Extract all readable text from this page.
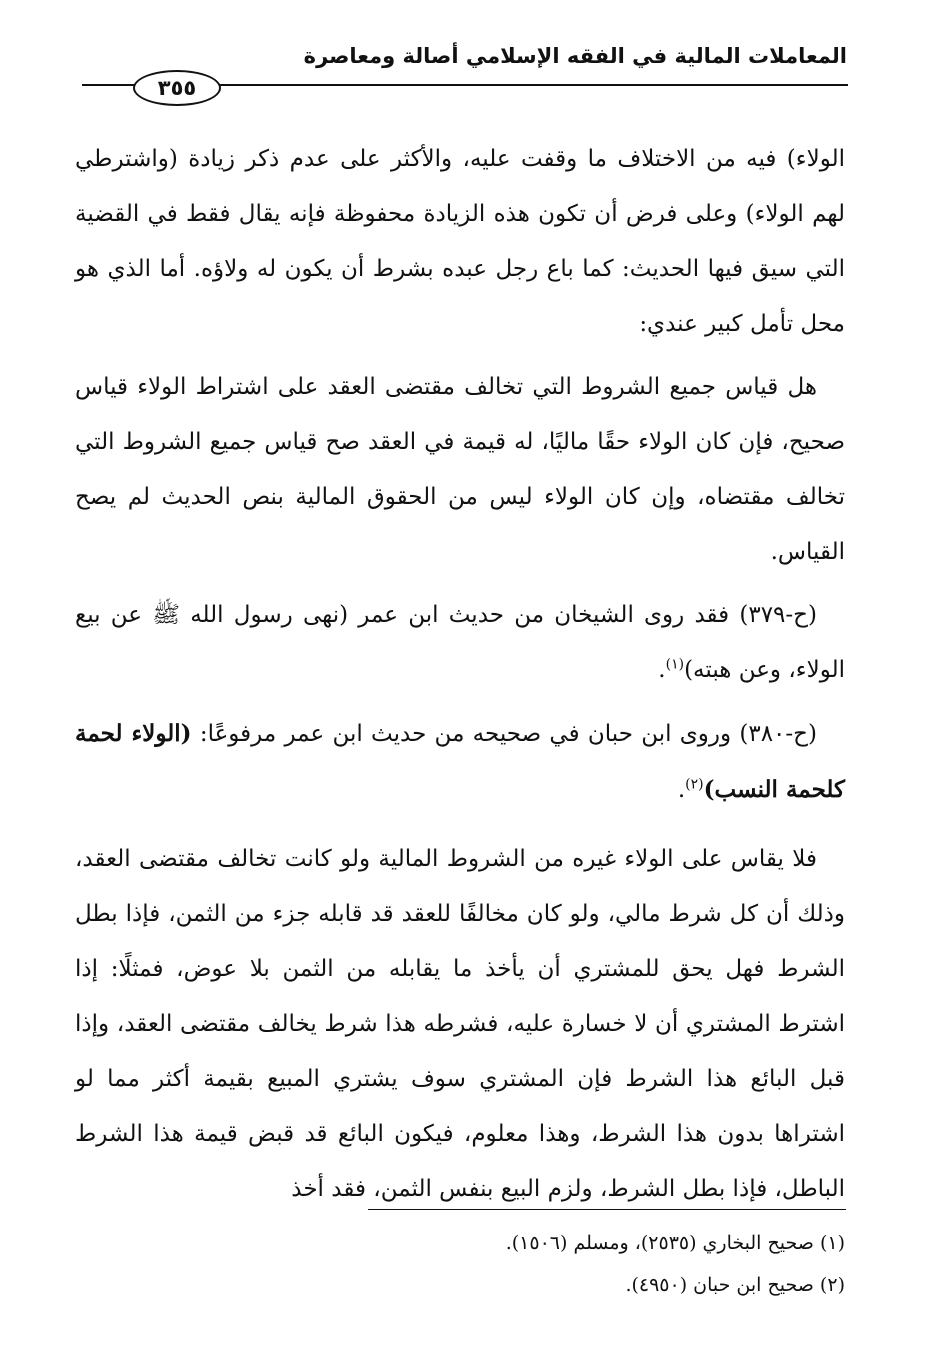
المعاملات المالية في الفقه الإسلامي أصالة ومعاصرة
٣٥٥

الولاء) فيه من الاختلاف ما وقفت عليه، والأكثر على عدم ذكر زيادة (واشترطي لهم الولاء) وعلى فرض أن تكون هذه الزيادة محفوظة فإنه يقال فقط في القضية التي سيق فيها الحديث: كما باع رجل عبده بشرط أن يكون له ولاؤه. أما الذي هو محل تأمل كبير عندي:

هل قياس جميع الشروط التي تخالف مقتضى العقد على اشتراط الولاء قياس صحيح، فإن كان الولاء حقًا ماليًا، له قيمة في العقد صح قياس جميع الشروط التي تخالف مقتضاه، وإن كان الولاء ليس من الحقوق المالية بنص الحديث لم يصح القياس.

(ح-٣٧٩) فقد روى الشيخان من حديث ابن عمر (نهى رسول الله ﷺ عن بيع الولاء، وعن هبته)$^{(١)}$.

(ح-٣٨٠) وروى ابن حبان في صحيحه من حديث ابن عمر مرفوعًا: (الولاء لحمة كلحمة النسب)$^{(٢)}$.

فلا يقاس على الولاء غيره من الشروط المالية ولو كانت تخالف مقتضى العقد، وذلك أن كل شرط مالي، ولو كان مخالفًا للعقد قد قابله جزء من الثمن، فإذا بطل الشرط فهل يحق للمشتري أن يأخذ ما يقابله من الثمن بلا عوض، فمثلًا: إذا اشترط المشتري أن لا خسارة عليه، فشرطه هذا شرط يخالف مقتضى العقد، وإذا قبل البائع هذا الشرط فإن المشتري سوف يشتري المبيع بقيمة أكثر مما لو اشتراها بدون هذا الشرط، وهذا معلوم، فيكون البائع قد قبض قيمة هذا الشرط الباطل، فإذا بطل الشرط، ولزم البيع بنفس الثمن، فقد أخذ

(١) صحيح البخاري (٢٥٣٥)، ومسلم (١٥٠٦).

(٢) صحيح ابن حبان (٤٩٥٠).
